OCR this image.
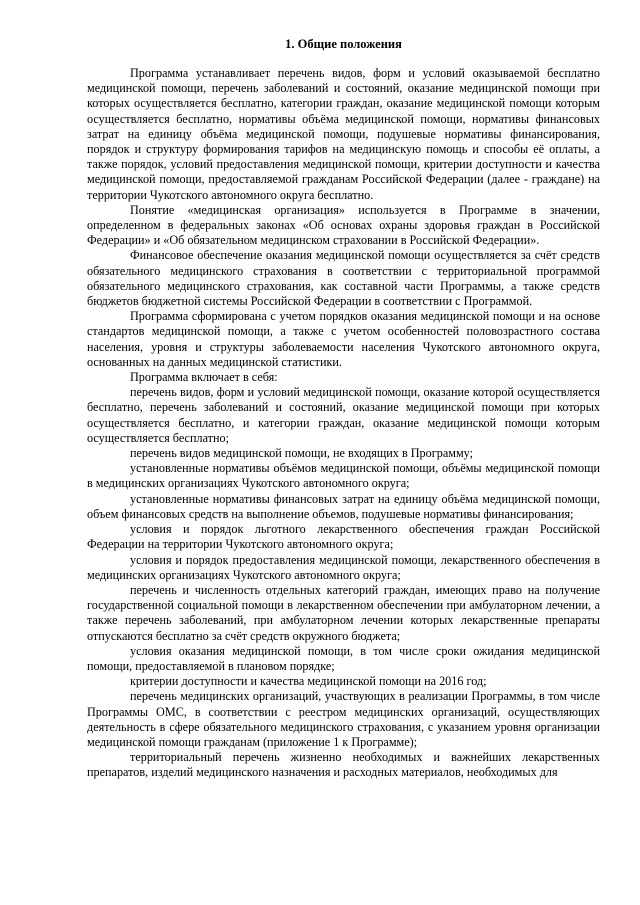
1. Общие положения

Программа устанавливает перечень видов, форм и условий оказываемой бесплатно медицинской помощи, перечень заболеваний и состояний, оказание медицинской помощи при которых осуществляется бесплатно, категории граждан, оказание медицинской помощи которым осуществляется бесплатно, нормативы объёма медицинской помощи, нормативы финансовых затрат на единицу объёма медицинской помощи, подушевые нормативы финансирования, порядок и структуру формирования тарифов на медицинскую помощь и способы её оплаты, а также порядок, условий предоставления медицинской помощи, критерии доступности и качества медицинской помощи, предоставляемой гражданам Российской Федерации (далее - граждане) на территории Чукотского автономного округа бесплатно.

Понятие «медицинская организация» используется в Программе в значении, определенном в федеральных законах «Об основах охраны здоровья граждан в Российской Федерации» и «Об обязательном медицинском страховании в Российской Федерации».

Финансовое обеспечение оказания медицинской помощи осуществляется за счёт средств обязательного медицинского страхования в соответствии с территориальной программой обязательного медицинского страхования, как составной части Программы, а также средств бюджетов бюджетной системы Российской Федерации в соответствии с Программой.

Программа сформирована с учетом порядков оказания медицинской помощи и на основе стандартов медицинской помощи, а также с учетом особенностей половозрастного состава населения, уровня и структуры заболеваемости населения Чукотского автономного округа, основанных на данных медицинской статистики.

Программа включает в себя:

перечень видов, форм и условий медицинской помощи, оказание которой осуществляется бесплатно, перечень заболеваний и состояний, оказание медицинской помощи при которых осуществляется бесплатно, и категории граждан, оказание медицинской помощи которым осуществляется бесплатно;

перечень видов медицинской помощи, не входящих в Программу;

установленные нормативы объёмов медицинской помощи, объёмы медицинской помощи в медицинских организациях Чукотского автономного округа;

установленные нормативы финансовых затрат на единицу объёма медицинской помощи, объем финансовых средств на выполнение объемов, подушевые нормативы финансирования;

условия и порядок льготного лекарственного обеспечения граждан Российской Федерации на территории Чукотского автономного округа;

условия и порядок предоставления медицинской помощи, лекарственного обеспечения в медицинских организациях Чукотского автономного округа;

перечень и численность отдельных категорий граждан, имеющих право на получение государственной социальной помощи в лекарственном обеспечении при амбулаторном лечении, а также перечень заболеваний, при амбулаторном лечении которых лекарственные препараты отпускаются бесплатно за счёт средств окружного бюджета;

условия оказания медицинской помощи, в том числе сроки ожидания медицинской помощи, предоставляемой в плановом порядке;

критерии доступности и качества медицинской помощи на 2016 год;

перечень медицинских организаций, участвующих в реализации Программы, в том числе Программы ОМС, в соответствии с реестром медицинских организаций, осуществляющих деятельность в сфере обязательного медицинского страхования, с указанием уровня организации медицинской помощи гражданам (приложение 1 к Программе);

территориальный перечень жизненно необходимых и важнейших лекарственных препаратов, изделий медицинского назначения и расходных материалов, необходимых для
